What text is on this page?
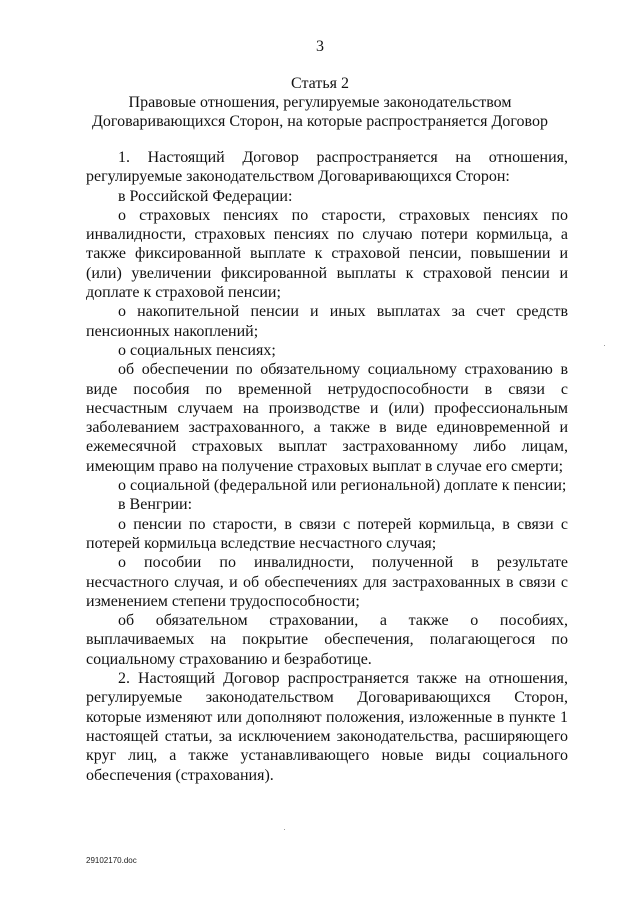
3
Статья 2
Правовые отношения, регулируемые законодательством
Договаривающихся Сторон, на которые распространяется Договор

1. Настоящий Договор распространяется на отношения, регулируемые законодательством Договаривающихся Сторон:

в Российской Федерации:

о страховых пенсиях по старости, страховых пенсиях по инвалидности, страховых пенсиях по случаю потери кормильца, а также фиксированной выплате к страховой пенсии, повышении и (или) увеличении фиксированной выплаты к страховой пенсии и доплате к страховой пенсии;

о накопительной пенсии и иных выплатах за счет средств пенсионных накоплений;

о социальных пенсиях;

об обеспечении по обязательному социальному страхованию в виде пособия по временной нетрудоспособности в связи с несчастным случаем на производстве и (или) профессиональным заболеванием застрахованного, а также в виде единовременной и ежемесячной страховых выплат застрахованному либо лицам, имеющим право на получение страховых выплат в случае его смерти;

о социальной (федеральной или региональной) доплате к пенсии;

в Венгрии:

о пенсии по старости, в связи с потерей кормильца, в связи с потерей кормильца вследствие несчастного случая;

о пособии по инвалидности, полученной в результате несчастного случая, и об обеспечениях для застрахованных в связи с изменением степени трудоспособности;

об обязательном страховании, а также о пособиях, выплачиваемых на покрытие обеспечения, полагающегося по социальному страхованию и безработице.

2. Настоящий Договор распространяется также на отношения, регулируемые законодательством Договаривающихся Сторон, которые изменяют или дополняют положения, изложенные в пункте 1 настоящей статьи, за исключением законодательства, расширяющего круг лиц, а также устанавливающего новые виды социального обеспечения (страхования).

29102170.doc
